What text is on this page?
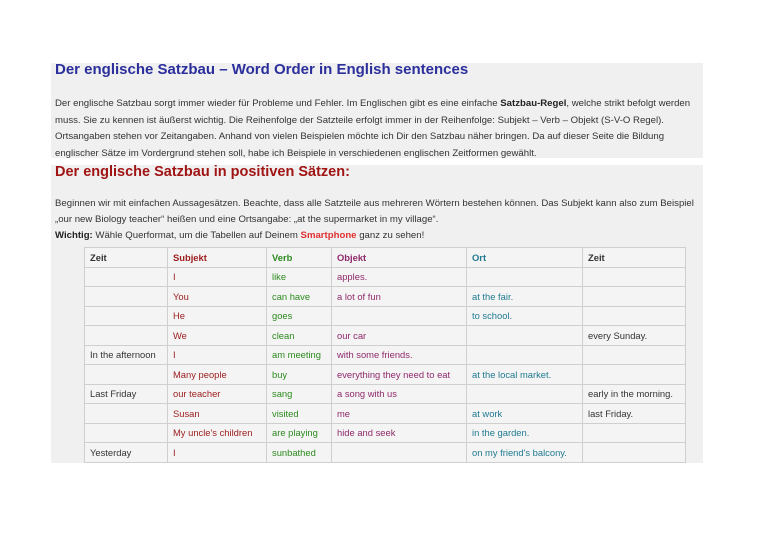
Der englische Satzbau – Word Order in English sentences

Der englische Satzbau sorgt immer wieder für Probleme und Fehler. Im Englischen gibt es eine einfache Satzbau-Regel, welche strikt befolgt werden muss. Sie zu kennen ist äußerst wichtig. Die Reihenfolge der Satzteile erfolgt immer in der Reihenfolge: Subjekt – Verb – Objekt (S-V-O Regel). Ortsangaben stehen vor Zeitangaben. Anhand von vielen Beispielen möchte ich Dir den Satzbau näher bringen. Da auf dieser Seite die Bildung englischer Sätze im Vordergrund stehen soll, habe ich Beispiele in verschiedenen englischen Zeitformen gewählt.

Der englische Satzbau in positiven Sätzen:

Beginnen wir mit einfachen Aussagesätzen. Beachte, dass alle Satzteile aus mehreren Wörtern bestehen können. Das Subjekt kann also zum Beispiel „our new Biology teacher“ heißen und eine Ortsangabe: „at the supermarket in my village“.

Wichtig: Wähle Querformat, um die Tabellen auf Deinem Smartphone ganz zu sehen!

Zeit	Subjekt	Verb	Objekt	Ort	Zeit
	I	like	apples.		
	You	can have	a lot of fun	at the fair.	
	He	goes		to school.	
	We	clean	our car		every Sunday.
In the afternoon	I	am meeting	with some friends.		
	Many people	buy	everything they need to eat	at the local market.	
Last Friday	our teacher	sang	a song with us		early in the morning.
	Susan	visited	me	at work	last Friday.
	My uncle's children	are playing	hide and seek	in the garden.	
Yesterday	I	sunbathed		on my friend's balcony.	
